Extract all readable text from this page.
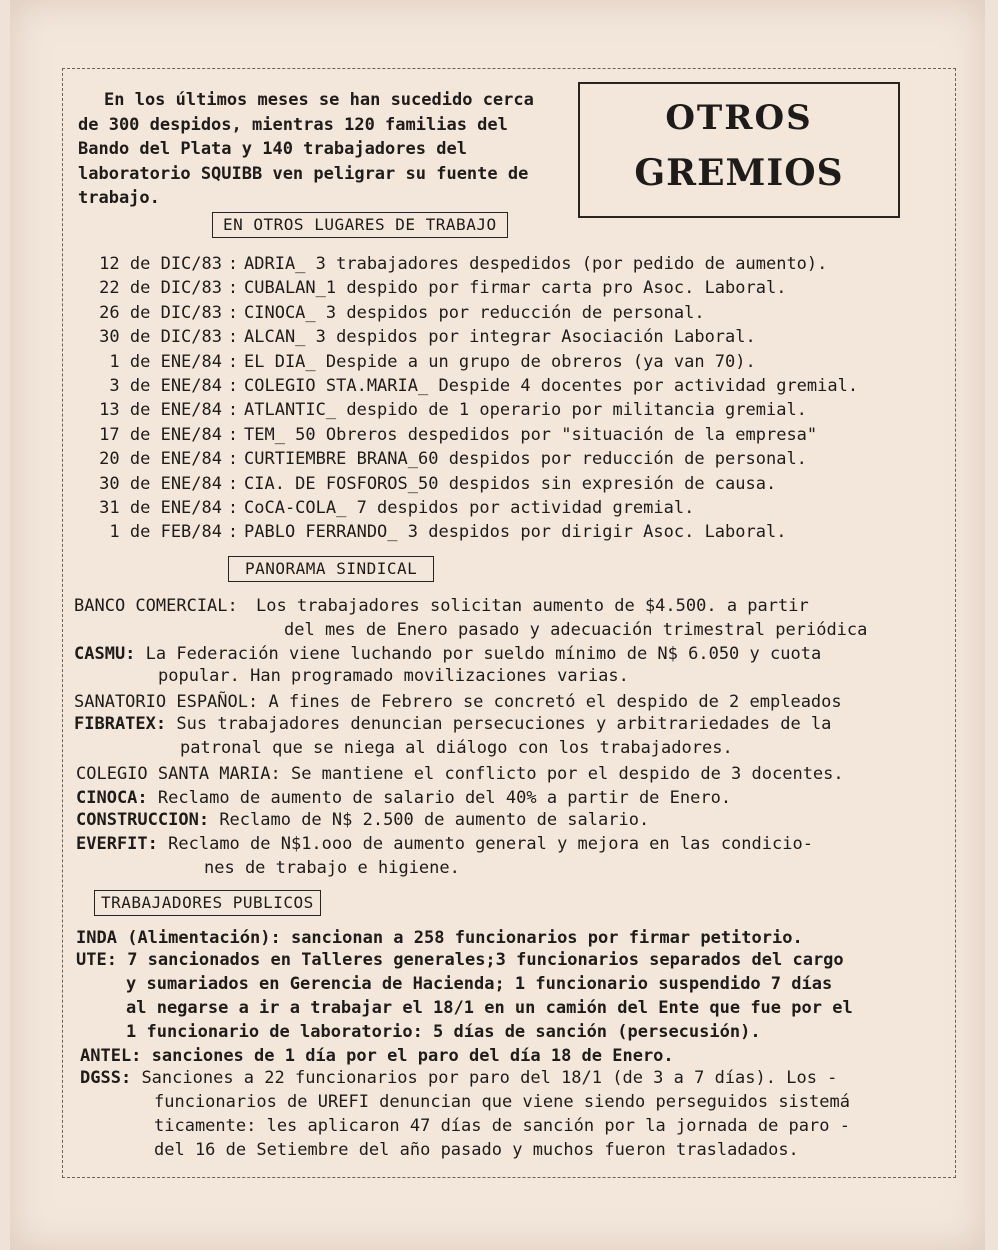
En los últimos meses se han sucedido cerca de 300 despidos, mientras 120 familias del Bando del Plata y 140 trabajadores del laboratorio SQUIBB ven peligrar su fuente de trabajo.
OTROS
GREMIOS
EN OTROS LUGARES DE TRABAJO
12 de DIC/83 : ADRIA_ 3 trabajadores despedidos (por pedido de aumento).
22 de DIC/83 : CUBALAN_1 despido por firmar carta pro Asoc. Laboral.
26 de DIC/83 : CINOCA_ 3 despidos por reducción de personal.
30 de DIC/83 : ALCAN_ 3 despidos por integrar Asociación Laboral.
1 de ENE/84 : EL DIA_ Despide a un grupo de obreros (ya van 70).
3 de ENE/84 : COLEGIO STA.MARIA_ Despide 4 docentes por actividad gremial.
13 de ENE/84 : ATLANTIC_ despido de 1 operario por militancia gremial.
17 de ENE/84 : TEM_ 50 Obreros despedidos por "situación de la empresa"
20 de ENE/84 : CURTIEMBRE BRANA_60 despidos por reducción de personal.
30 de ENE/84 : CIA. DE FOSFOROS_50 despidos sin expresión de causa.
31 de ENE/84 : CoCA-COLA_ 7 despidos por actividad gremial.
1 de FEB/84 : PABLO FERRANDO_ 3 despidos por dirigir Asoc. Laboral.
PANORAMA SINDICAL
BANCO COMERCIAL: Los trabajadores solicitan aumento de $4.500. a partir
del mes de Enero pasado y adecuación trimestral periódica
CASMU: La Federación viene luchando por sueldo mínimo de N$ 6.050 y cuota
popular. Han programado movilizaciones varias.
SANATORIO ESPAÑOL: A fines de Febrero se concretó el despido de 2 empleados
FIBRATEX: Sus trabajadores denuncian persecuciones y arbitrariedades de la
patronal que se niega al diálogo con los trabajadores.
COLEGIO SANTA MARIA: Se mantiene el conflicto por el despido de 3 docentes.
CINOCA: Reclamo de aumento de salario del 40% a partir de Enero.
CONSTRUCCION: Reclamo de N$ 2.500 de aumento de salario.
EVERFIT: Reclamo de N$1.ooo de aumento general y mejora en las condicio-
nes de trabajo e higiene.
TRABAJADORES PUBLICOS
INDA (Alimentación): sancionan a 258 funcionarios por firmar petitorio.
UTE: 7 sancionados en Talleres generales;3 funcionarios separados del cargo
y sumariados en Gerencia de Hacienda; 1 funcionario suspendido 7 días
al negarse a ir a trabajar el 18/1 en un camión del Ente que fue por el
1 funcionario de laboratorio: 5 días de sanción (persecusión).
ANTEL: sanciones de 1 día por el paro del día 18 de Enero.
DGSS: Sanciones a 22 funcionarios por paro del 18/1 (de 3 a 7 días). Los -
funcionarios de UREFI denuncian que viene siendo perseguidos sistemá
ticamente: les aplicaron 47 días de sanción por la jornada de paro -
del 16 de Setiembre del año pasado y muchos fueron trasladados.
